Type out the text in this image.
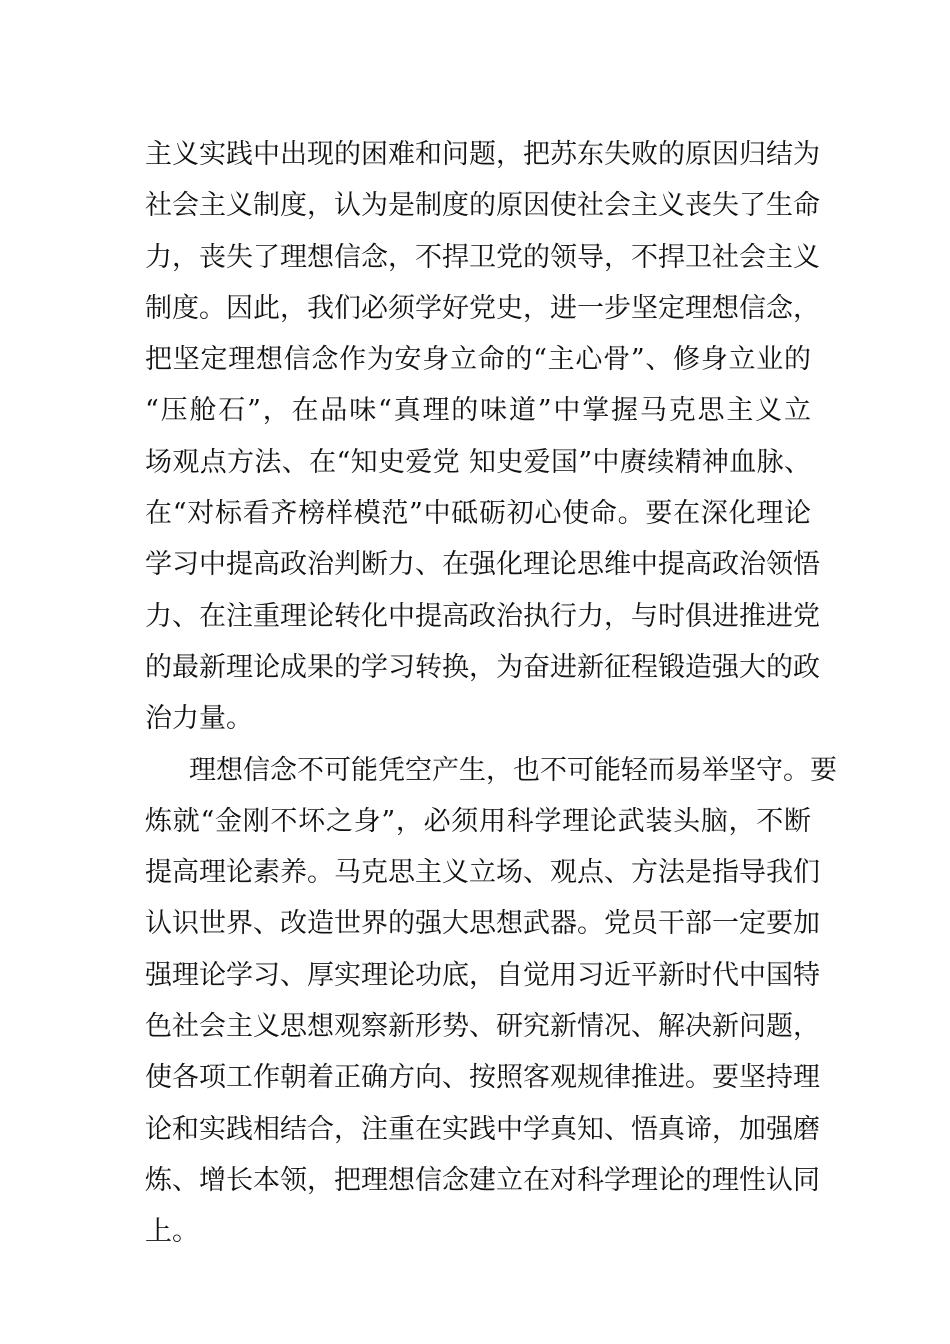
主义实践中出现的困难和问题，把苏东失败的原因归结为
社会主义制度，认为是制度的原因使社会主义丧失了生命
力，丧失了理想信念，不捍卫党的领导，不捍卫社会主义
制度。因此，我们必须学好党史，进一步坚定理想信念，
把坚定理想信念作为安身立命的“主心骨”、修身立业的
“压舱石”，在品味“真理的味道”中掌握马克思主义立
场观点方法、在“知史爱党 知史爱国”中赓续精神血脉、
在“对标看齐榜样模范”中砥砺初心使命。要在深化理论
学习中提高政治判断力、在强化理论思维中提高政治领悟
力、在注重理论转化中提高政治执行力，与时俱进推进党
的最新理论成果的学习转换，为奋进新征程锻造强大的政
治力量。
理想信念不可能凭空产生，也不可能轻而易举坚守。要
炼就“金刚不坏之身”，必须用科学理论武装头脑，不断
提高理论素养。马克思主义立场、观点、方法是指导我们
认识世界、改造世界的强大思想武器。党员干部一定要加
强理论学习、厚实理论功底，自觉用习近平新时代中国特
色社会主义思想观察新形势、研究新情况、解决新问题，
使各项工作朝着正确方向、按照客观规律推进。要坚持理
论和实践相结合，注重在实践中学真知、悟真谛，加强磨
炼、增长本领，把理想信念建立在对科学理论的理性认同
上。
